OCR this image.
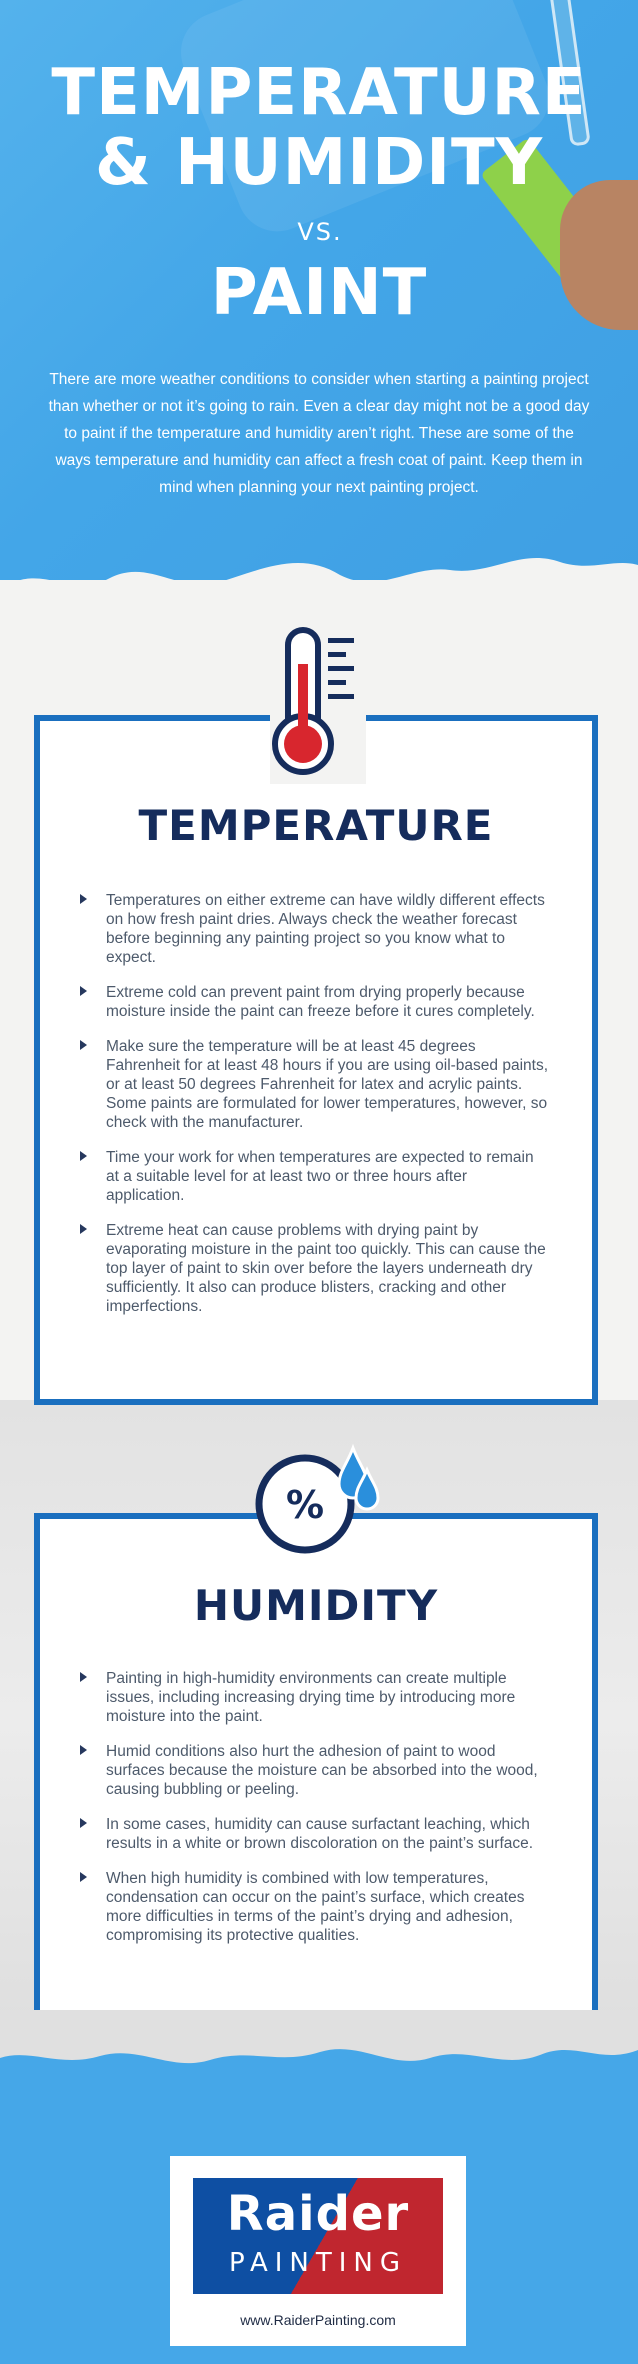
TEMPERATURE
& HUMIDITY
VS.
PAINT
There are more weather conditions to consider when starting a painting project than whether or not it’s going to rain. Even a clear day might not be a good day to paint if the temperature and humidity aren’t right. These are some of the ways temperature and humidity can affect a fresh coat of paint. Keep them in mind when planning your next painting project.
TEMPERATURE
Temperatures on either extreme can have wildly different effects on how fresh paint dries. Always check the weather forecast before beginning any painting project so you know what to expect.
Extreme cold can prevent paint from drying properly because moisture inside the paint can freeze before it cures completely.
Make sure the temperature will be at least 45 degrees Fahrenheit for at least 48 hours if you are using oil-based paints, or at least 50 degrees Fahrenheit for latex and acrylic paints. Some paints are formulated for lower temperatures, however, so check with the manufacturer.
Time your work for when temperatures are expected to remain at a suitable level for at least two or three hours after application.
Extreme heat can cause problems with drying paint by evaporating moisture in the paint too quickly. This can cause the top layer of paint to skin over before the layers underneath dry sufficiently. It also can produce blisters, cracking and other imperfections.
HUMIDITY
Painting in high-humidity environments can create multiple issues, including increasing drying time by introducing more moisture into the paint.
Humid conditions also hurt the adhesion of paint to wood surfaces because the moisture can be absorbed into the wood, causing bubbling or peeling.
In some cases, humidity can cause surfactant leaching, which results in a white or brown discoloration on the paint’s surface.
When high humidity is combined with low temperatures, condensation can occur on the paint’s surface, which creates more difficulties in terms of the paint’s drying and adhesion, compromising its protective qualities.
%
Raider
PAINTING
www.RaiderPainting.com
